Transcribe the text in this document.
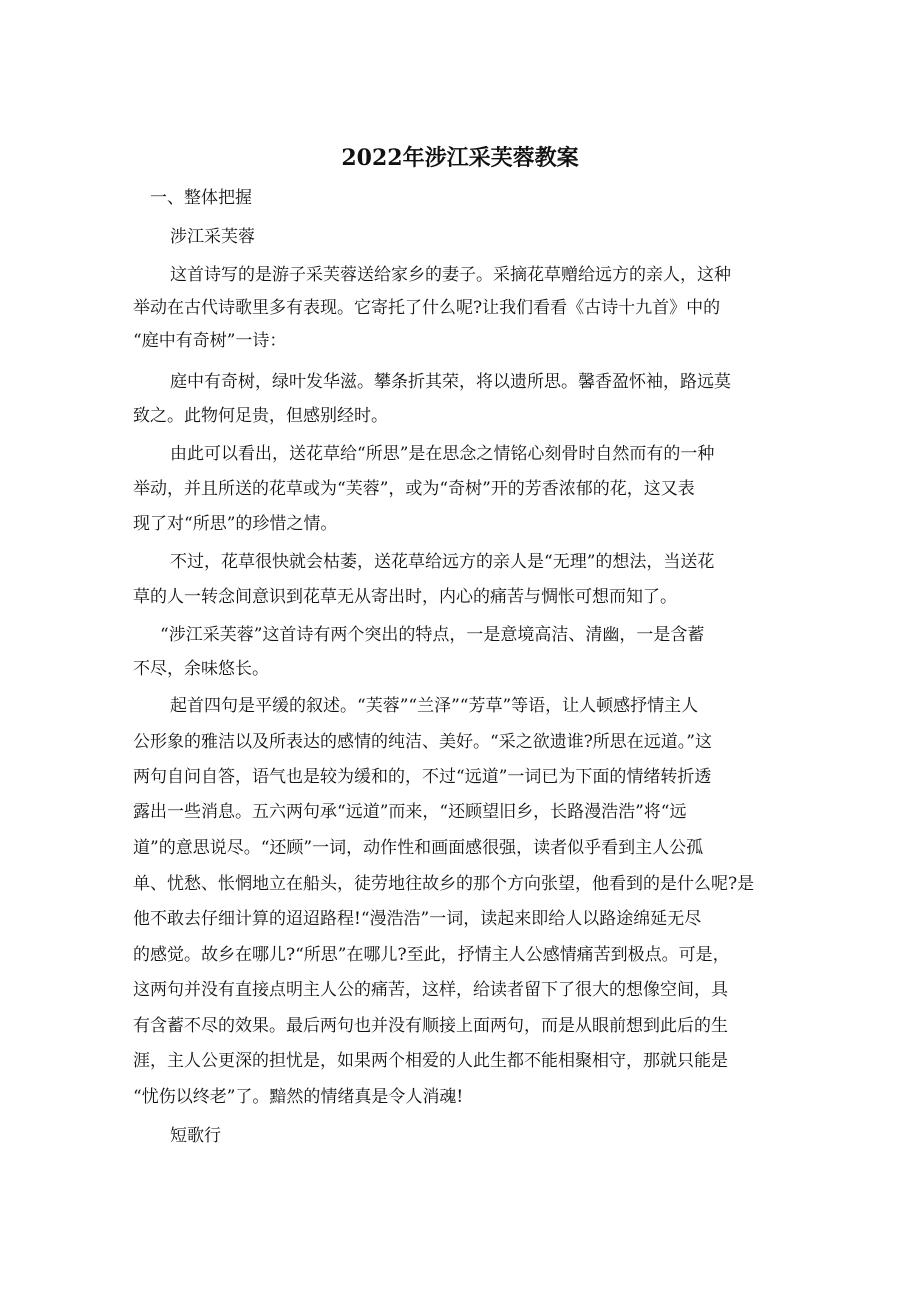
2022年涉江采芙蓉教案
一、整体把握
涉江采芙蓉
这首诗写的是游子采芙蓉送给家乡的妻子。采摘花草赠给远方的亲人，这种
举动在古代诗歌里多有表现。它寄托了什么呢?让我们看看《古诗十九首》中的
“庭中有奇树”一诗：
庭中有奇树，绿叶发华滋。攀条折其荣，将以遗所思。馨香盈怀袖，路远莫
致之。此物何足贵，但感别经时。
由此可以看出，送花草给“所思”是在思念之情铭心刻骨时自然而有的一种
举动，并且所送的花草或为“芙蓉”，或为“奇树”开的芳香浓郁的花，这又表
现了对“所思”的珍惜之情。
不过，花草很快就会枯萎，送花草给远方的亲人是“无理”的想法，当送花
草的人一转念间意识到花草无从寄出时，内心的痛苦与惆怅可想而知了。
“涉江采芙蓉”这首诗有两个突出的特点，一是意境高洁、清幽，一是含蓄
不尽，余味悠长。
起首四句是平缓的叙述。“芙蓉”“兰泽”“芳草”等语，让人顿感抒情主人
公形象的雅洁以及所表达的感情的纯洁、美好。“采之欲遗谁?所思在远道。”这
两句自问自答，语气也是较为缓和的，不过“远道”一词已为下面的情绪转折透
露出一些消息。五六两句承“远道”而来，“还顾望旧乡，长路漫浩浩”将“远
道”的意思说尽。“还顾”一词，动作性和画面感很强，读者似乎看到主人公孤
单、忧愁、怅惘地立在船头，徒劳地往故乡的那个方向张望，他看到的是什么呢?是
他不敢去仔细计算的迢迢路程!“漫浩浩”一词，读起来即给人以路途绵延无尽
的感觉。故乡在哪儿?“所思”在哪儿?至此，抒情主人公感情痛苦到极点。可是，
这两句并没有直接点明主人公的痛苦，这样，给读者留下了很大的想像空间，具
有含蓄不尽的效果。最后两句也并没有顺接上面两句，而是从眼前想到此后的生
涯，主人公更深的担忧是，如果两个相爱的人此生都不能相聚相守，那就只能是
“忧伤以终老”了。黯然的情绪真是令人消魂!
短歌行
